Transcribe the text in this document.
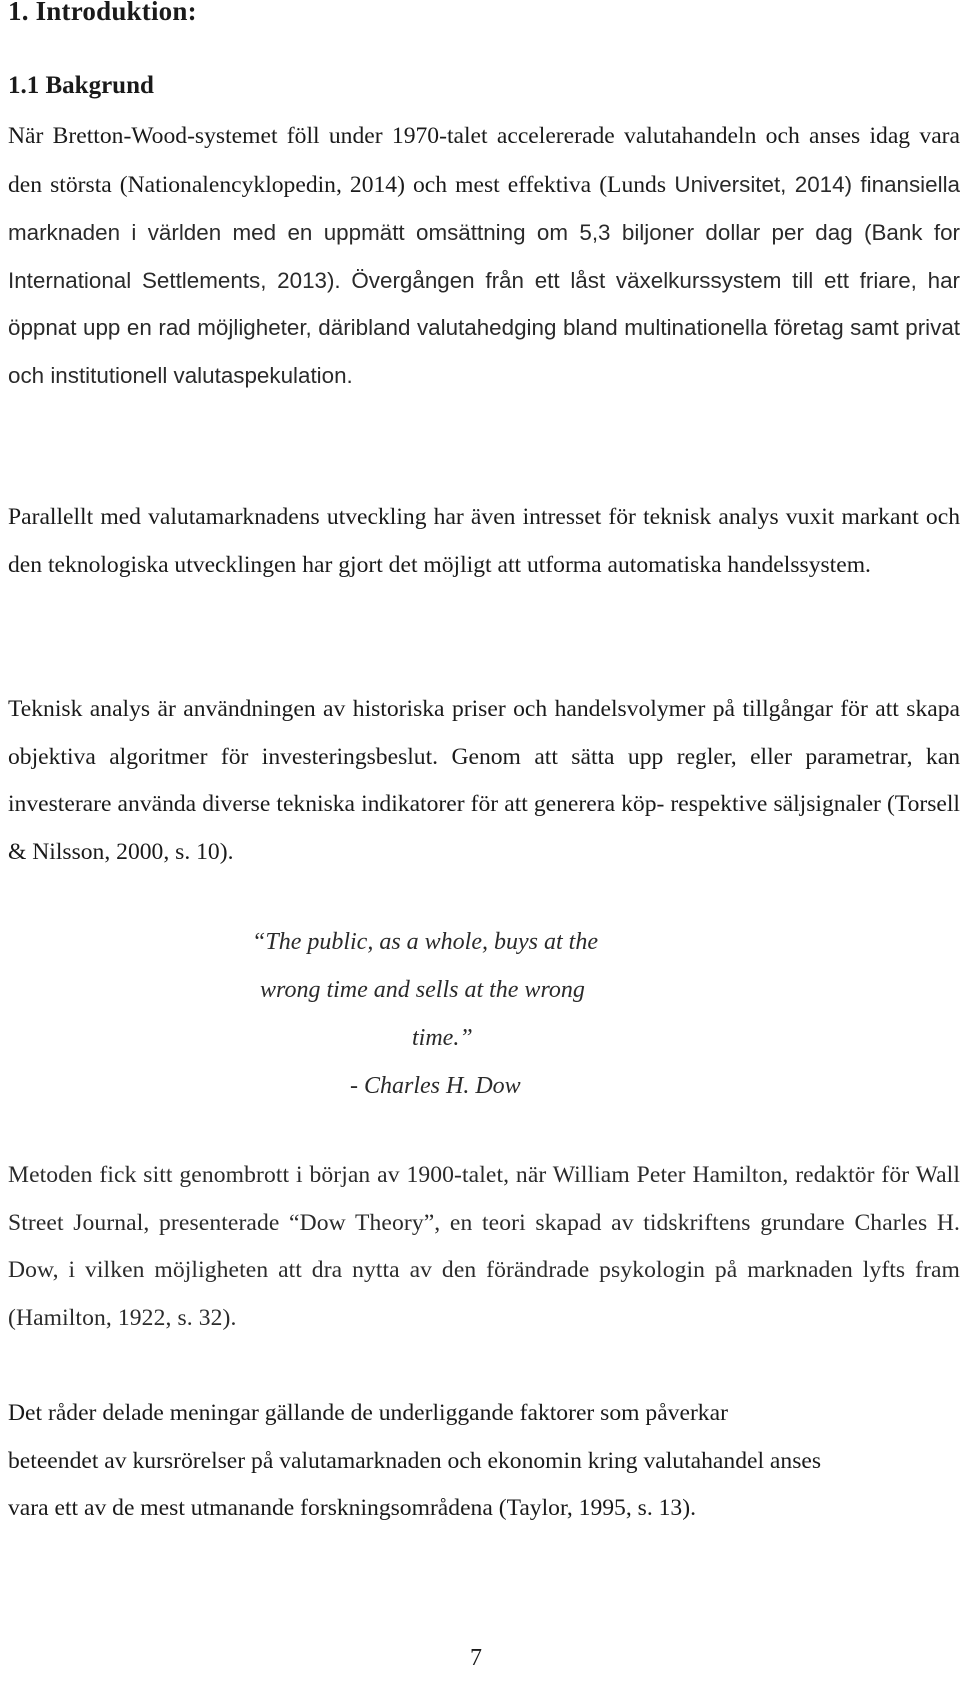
1. Introduktion:
1.1 Bakgrund

När Bretton-Wood-systemet föll under 1970-talet accelererade valutahandeln och anses idag vara den största (Nationalencyklopedin, 2014) och mest effektiva (Lunds Universitet, 2014) finansiella marknaden i världen med en uppmätt omsättning om 5,3 biljoner dollar per dag (Bank for International Settlements, 2013). Övergången från ett låst växelkurssystem till ett friare, har öppnat upp en rad möjligheter, däribland valutahedging bland multinationella företag samt privat och institutionell valutaspekulation.

Parallellt med valutamarknadens utveckling har även intresset för teknisk analys vuxit markant och den teknologiska utvecklingen har gjort det möjligt att utforma automatiska handelssystem.

Teknisk analys är användningen av historiska priser och handelsvolymer på tillgångar för att skapa objektiva algoritmer för investeringsbeslut. Genom att sätta upp regler, eller parametrar, kan investerare använda diverse tekniska indikatorer för att generera köp- respektive säljsignaler (Torsell & Nilsson, 2000, s. 10).

“The public, as a whole, buys at the
wrong time and sells at the wrong
time.”
- Charles H. Dow

Metoden fick sitt genombrott i början av 1900-talet, när William Peter Hamilton, redaktör för Wall Street Journal, presenterade “Dow Theory”, en teori skapad av tidskriftens grundare Charles H. Dow, i vilken möjligheten att dra nytta av den förändrade psykologin på marknaden lyfts fram (Hamilton, 1922, s. 32).

Det råder delade meningar gällande de underliggande faktorer som påverkar
beteendet av kursrörelser på valutamarknaden och ekonomin kring valutahandel anses
vara ett av de mest utmanande forskningsområdena (Taylor, 1995, s. 13).

7
